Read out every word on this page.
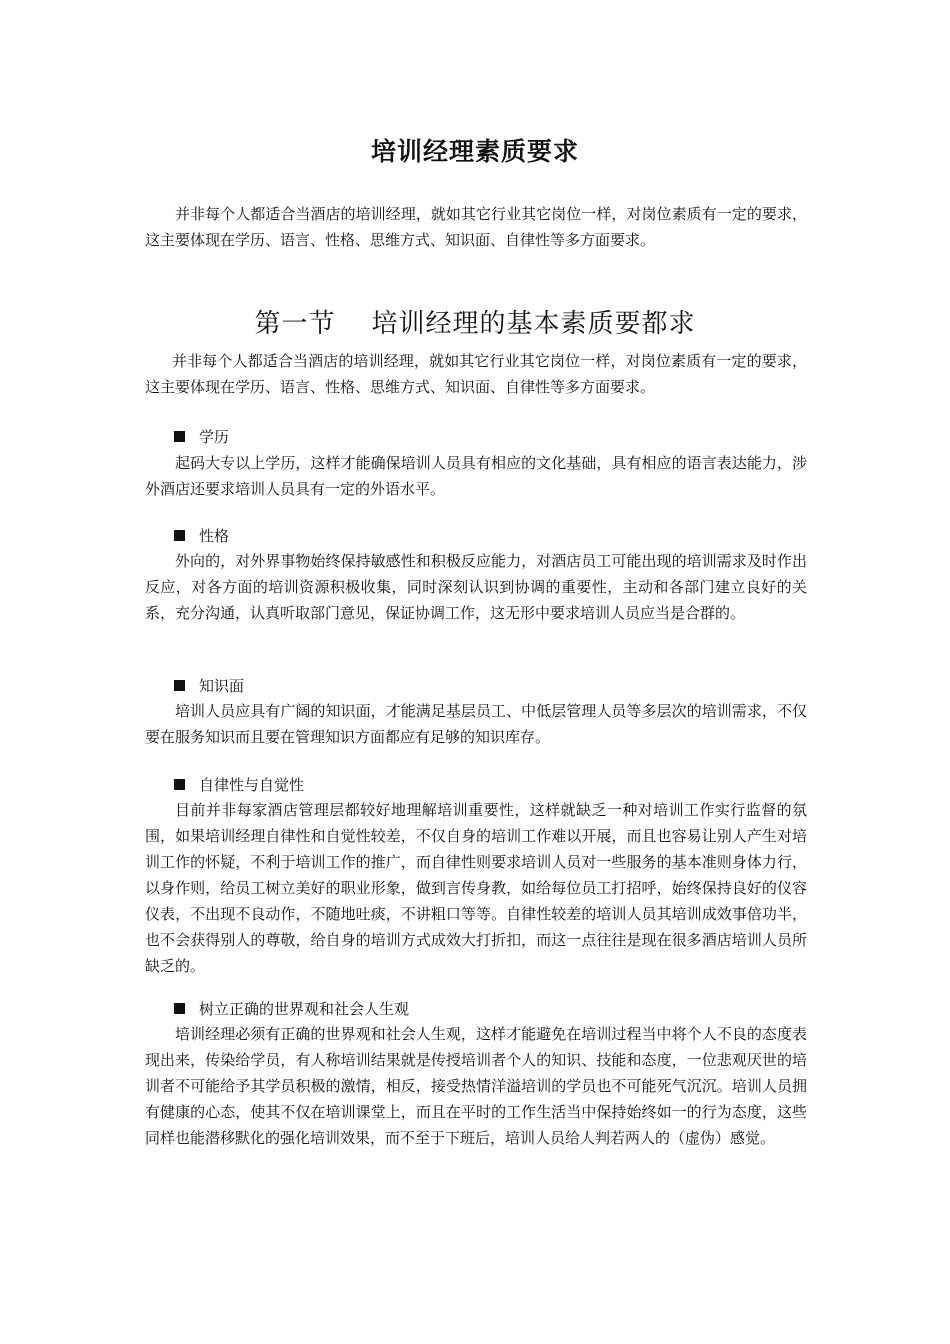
培训经理素质要求

并非每个人都适合当酒店的培训经理，就如其它行业其它岗位一样，对岗位素质有一定的要求，这主要体现在学历、语言、性格、思维方式、知识面、自律性等多方面要求。

第一节 培训经理的基本素质要都求

并非每个人都适合当酒店的培训经理，就如其它行业其它岗位一样，对岗位素质有一定的要求，这主要体现在学历、语言、性格、思维方式、知识面、自律性等多方面要求。

学历

起码大专以上学历，这样才能确保培训人员具有相应的文化基础，具有相应的语言表达能力，涉外酒店还要求培训人员具有一定的外语水平。

性格

外向的，对外界事物始终保持敏感性和积极反应能力，对酒店员工可能出现的培训需求及时作出反应，对各方面的培训资源积极收集，同时深刻认识到协调的重要性，主动和各部门建立良好的关系，充分沟通，认真听取部门意见，保证协调工作，这无形中要求培训人员应当是合群的。

知识面

培训人员应具有广阔的知识面，才能满足基层员工、中低层管理人员等多层次的培训需求，不仅要在服务知识而且要在管理知识方面都应有足够的知识库存。

自律性与自觉性

目前并非每家酒店管理层都较好地理解培训重要性，这样就缺乏一种对培训工作实行监督的氛围，如果培训经理自律性和自觉性较差，不仅自身的培训工作难以开展，而且也容易让别人产生对培训工作的怀疑，不利于培训工作的推广，而自律性则要求培训人员对一些服务的基本准则身体力行，以身作则，给员工树立美好的职业形象，做到言传身教，如给每位员工打招呼，始终保持良好的仪容仪表，不出现不良动作，不随地吐痰，不讲粗口等等。自律性较差的培训人员其培训成效事倍功半，也不会获得别人的尊敬，给自身的培训方式成效大打折扣，而这一点往往是现在很多酒店培训人员所缺乏的。

树立正确的世界观和社会人生观

培训经理必须有正确的世界观和社会人生观，这样才能避免在培训过程当中将个人不良的态度表现出来，传染给学员，有人称培训结果就是传授培训者个人的知识、技能和态度，一位悲观厌世的培训者不可能给予其学员积极的激情，相反，接受热情洋溢培训的学员也不可能死气沉沉。培训人员拥有健康的心态，使其不仅在培训课堂上，而且在平时的工作生活当中保持始终如一的行为态度，这些同样也能潜移默化的强化培训效果，而不至于下班后，培训人员给人判若两人的（虚伪）感觉。
